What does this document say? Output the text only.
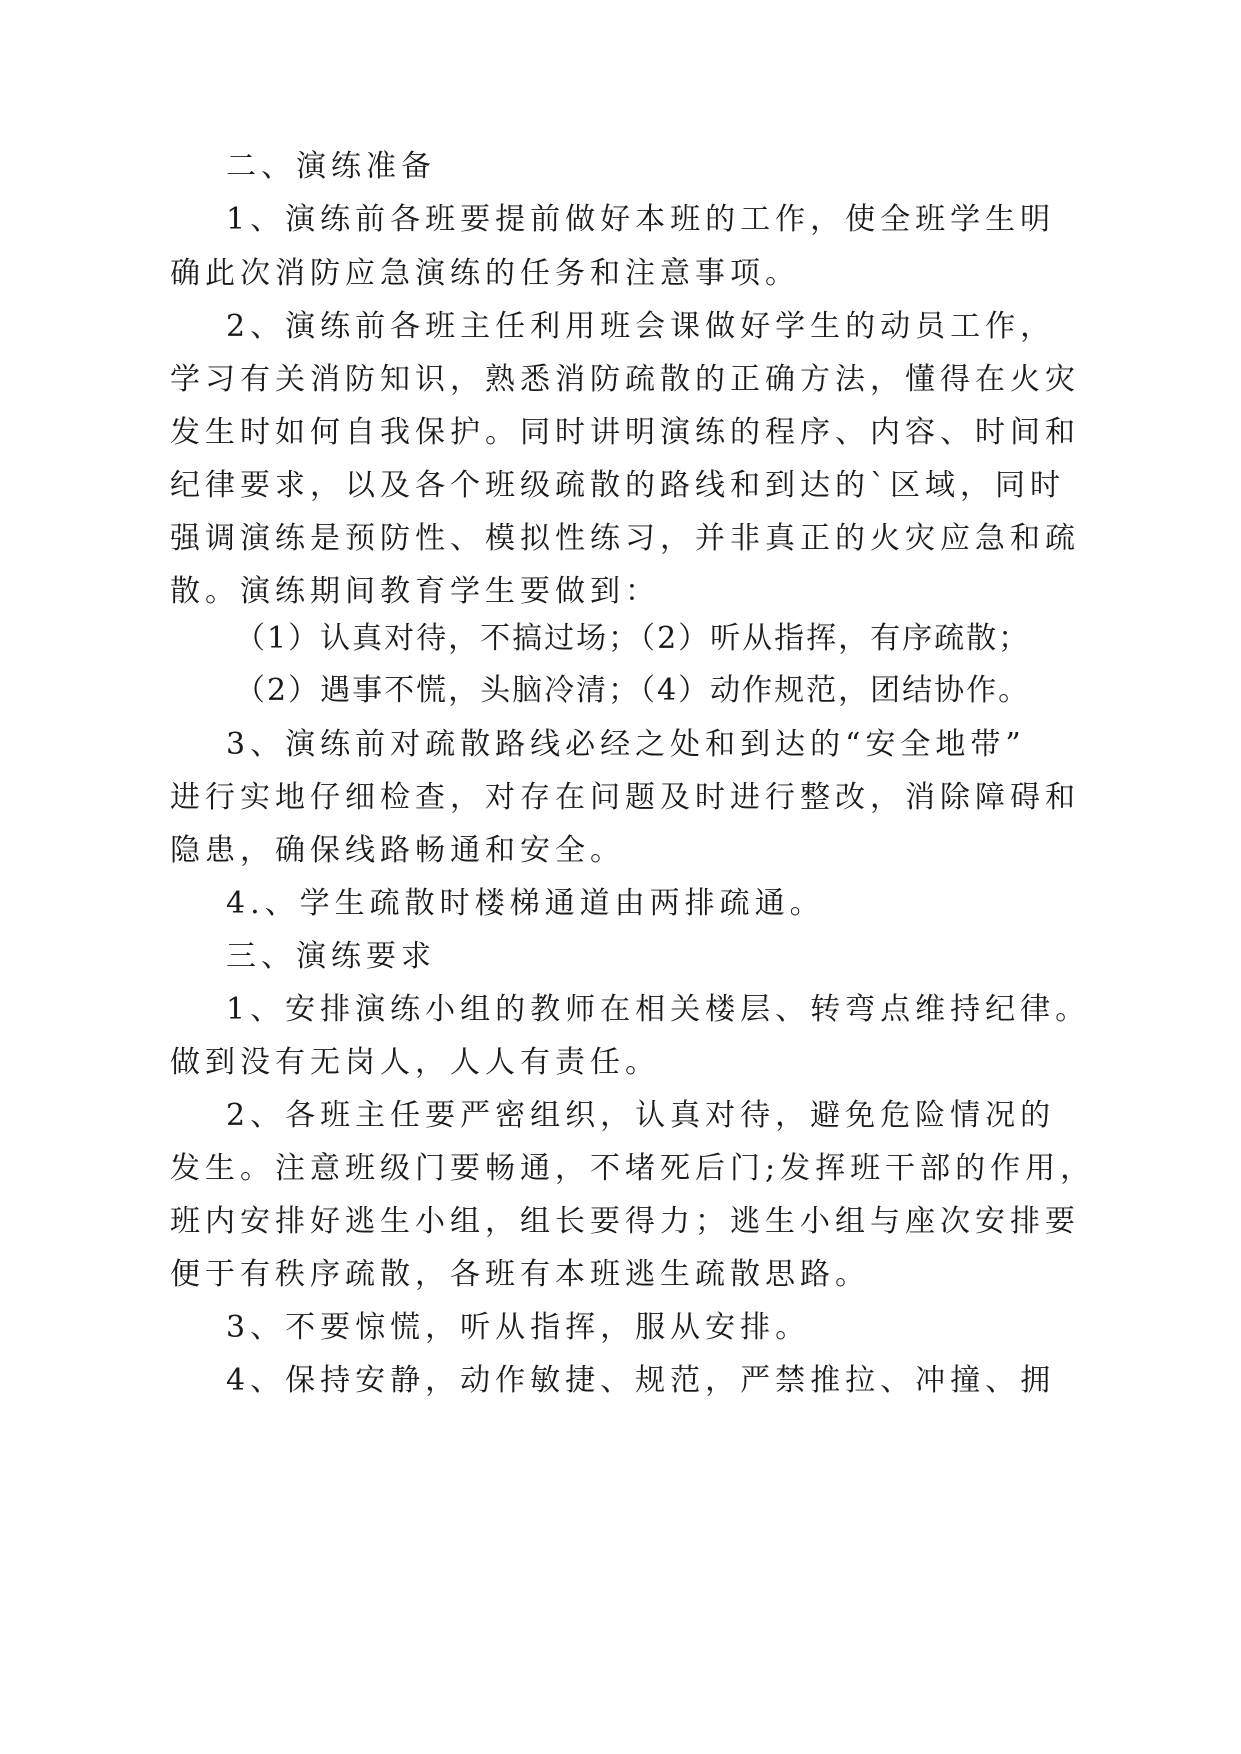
二、演练准备
1、演练前各班要提前做好本班的工作，使全班学生明
确此次消防应急演练的任务和注意事项。
2、演练前各班主任利用班会课做好学生的动员工作，
学习有关消防知识，熟悉消防疏散的正确方法，懂得在火灾
发生时如何自我保护。同时讲明演练的程序、内容、时间和
纪律要求，以及各个班级疏散的路线和到达的`区域，同时
强调演练是预防性、模拟性练习，并非真正的火灾应急和疏
散。演练期间教育学生要做到：
（1）认真对待，不搞过场；（2）听从指挥，有序疏散；
（2）遇事不慌，头脑冷清；（4）动作规范，团结协作。
3、演练前对疏散路线必经之处和到达的“安全地带”
进行实地仔细检查，对存在问题及时进行整改，消除障碍和
隐患，确保线路畅通和安全。
4.、学生疏散时楼梯通道由两排疏通。
三、演练要求
1、安排演练小组的教师在相关楼层、转弯点维持纪律。
做到没有无岗人，人人有责任。
2、各班主任要严密组织，认真对待，避免危险情况的
发生。注意班级门要畅通，不堵死后门;发挥班干部的作用，
班内安排好逃生小组，组长要得力；逃生小组与座次安排要
便于有秩序疏散，各班有本班逃生疏散思路。
3、不要惊慌，听从指挥，服从安排。
4、保持安静，动作敏捷、规范，严禁推拉、冲撞、拥
